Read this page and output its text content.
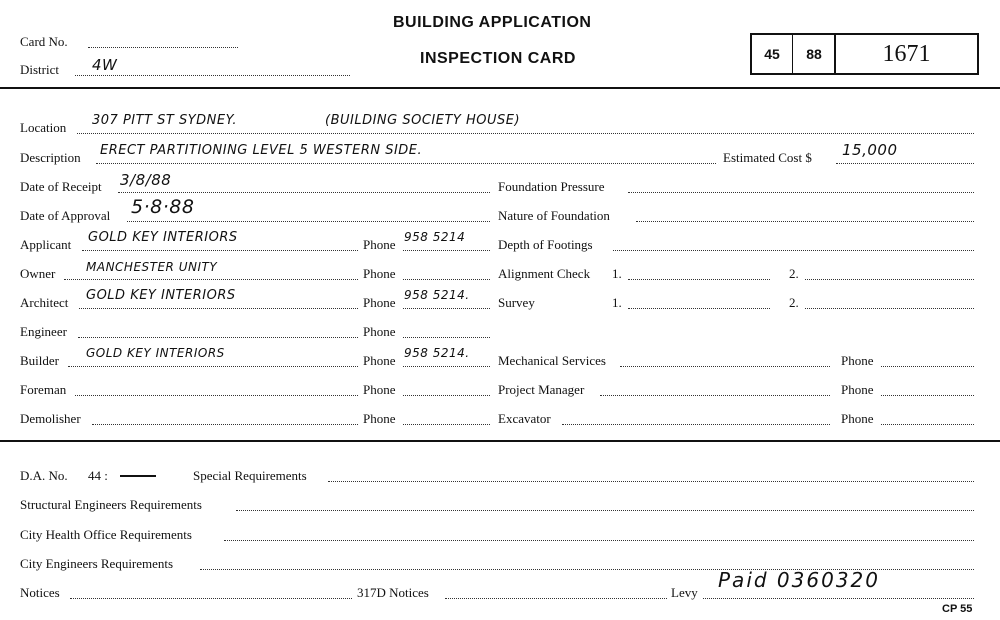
Card No.
District 4W
BUILDING APPLICATION
INSPECTION CARD	45	88	1671
Location 307 PITT ST SYDNEY.	(BUILDING SOCIETY HOUSE)
Description ERECT PARTITIONING LEVEL 5 WESTERN SIDE.	Estimated Cost $ 15,000
Date of Receipt 3/8/88
Date of Approval 5·8·88
Applicant GOLD KEY INTERIORS	Phone 958 5214
Owner	MANCHESTER UNITY	Phone
Architect GOLD KEY INTERIORS	Phone 958 5214.
Engineer	Phone
Builder GOLD KEY INTERIORS	Phone 958 5214.
Foreman	Phone
Demolisher	Phone
Foundation Pressure
Nature of Foundation
Depth of Footings
Alignment Check 1.	2.
Survey	1.	2.
Mechanical Services	Phone
Project Manager	Phone
Excavator	Phone
D.A. No. 44 :	Special Requirements
Structural Engineers Requirements
City Health Office Requirements
City Engineers Requirements
Notices	317D Notices	Levy
Paid 0360320
CP 55
